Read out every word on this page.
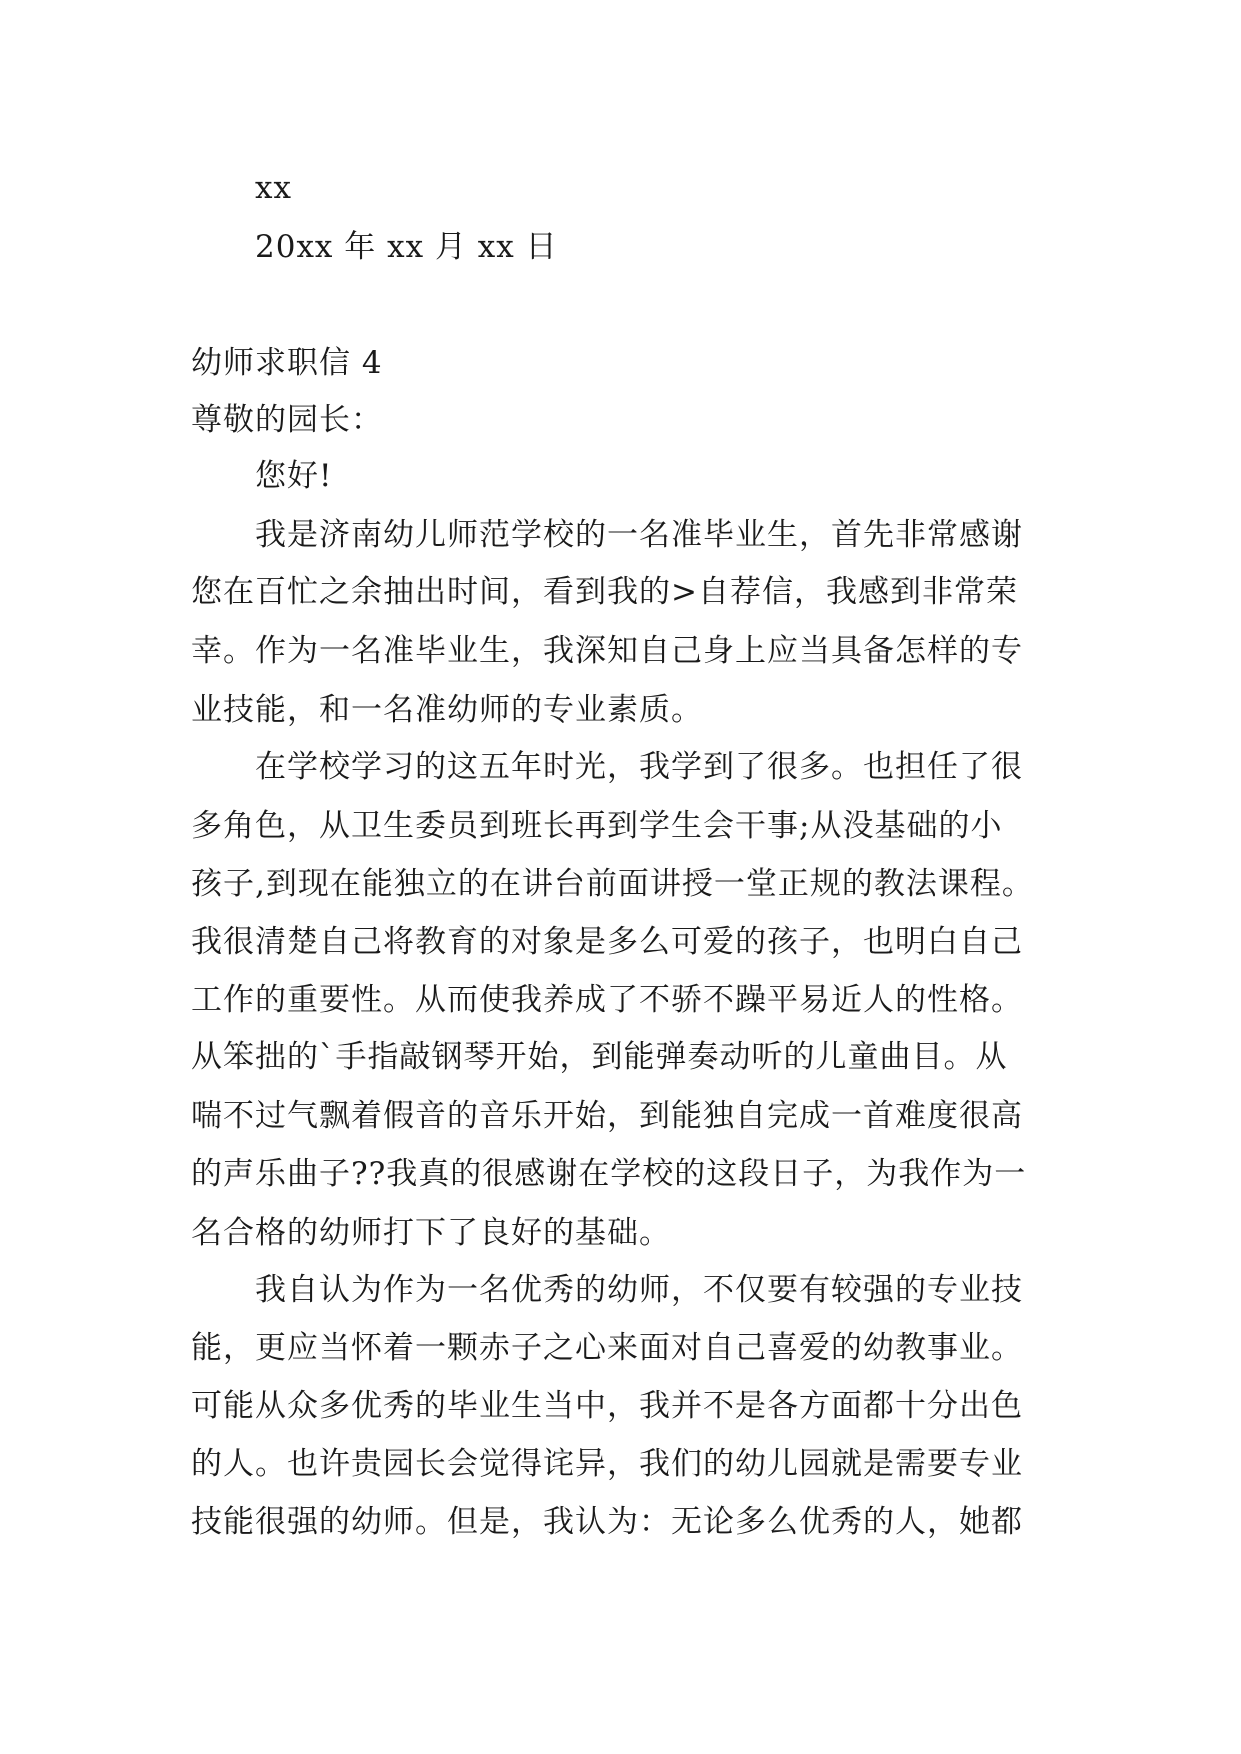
xx
20xx 年 xx 月 xx 日
幼师求职信 4
尊敬的园长：
您好!
我是济南幼儿师范学校的一名准毕业生，首先非常感谢
您在百忙之余抽出时间，看到我的>自荐信，我感到非常荣
幸。作为一名准毕业生，我深知自己身上应当具备怎样的专
业技能，和一名准幼师的专业素质。
在学校学习的这五年时光，我学到了很多。也担任了很
多角色，从卫生委员到班长再到学生会干事;从没基础的小
孩子,到现在能独立的在讲台前面讲授一堂正规的教法课程。
我很清楚自己将教育的对象是多么可爱的孩子，也明白自己
工作的重要性。从而使我养成了不骄不躁平易近人的性格。
从笨拙的`手指敲钢琴开始，到能弹奏动听的儿童曲目。从
喘不过气飘着假音的音乐开始，到能独自完成一首难度很高
的声乐曲子??我真的很感谢在学校的这段日子，为我作为一
名合格的幼师打下了良好的基础。
我自认为作为一名优秀的幼师，不仅要有较强的专业技
能，更应当怀着一颗赤子之心来面对自己喜爱的幼教事业。
可能从众多优秀的毕业生当中，我并不是各方面都十分出色
的人。也许贵园长会觉得诧异，我们的幼儿园就是需要专业
技能很强的幼师。但是，我认为：无论多么优秀的人，她都
